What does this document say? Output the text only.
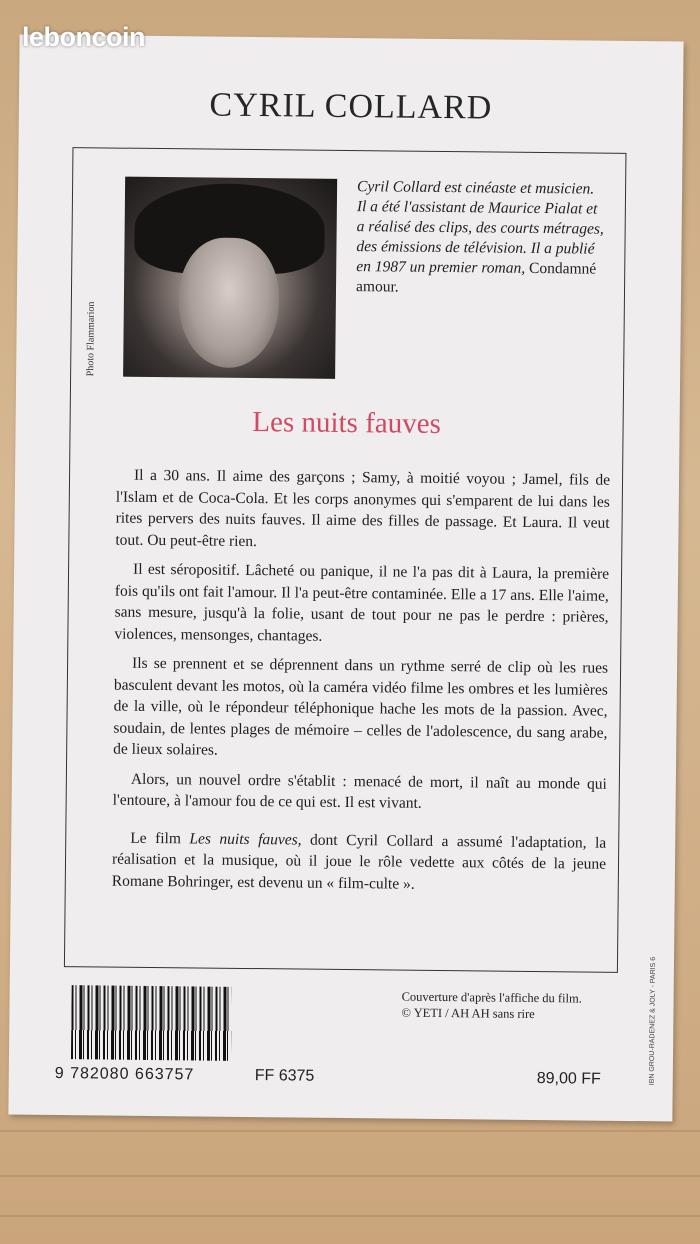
leboncoin
CYRIL COLLARD
Photo Flammarion
Cyril Collard est cinéaste et musicien. Il a été l'assistant de Maurice Pialat et a réalisé des clips, des courts métrages, des émissions de télévision. Il a publié en 1987 un premier roman, Condamné amour.
Les nuits fauves

Il a 30 ans. Il aime des garçons ; Samy, à moitié voyou ; Jamel, fils de l'Islam et de Coca-Cola. Et les corps anonymes qui s'emparent de lui dans les rites pervers des nuits fauves. Il aime des filles de passage. Et Laura. Il veut tout. Ou peut-être rien.

Il est séropositif. Lâcheté ou panique, il ne l'a pas dit à Laura, la première fois qu'ils ont fait l'amour. Il l'a peut-être contaminée. Elle a 17 ans. Elle l'aime, sans mesure, jusqu'à la folie, usant de tout pour ne pas le perdre : prières, violences, mensonges, chantages.

Ils se prennent et se déprennent dans un rythme serré de clip où les rues basculent devant les motos, où la caméra vidéo filme les ombres et les lumières de la ville, où le répondeur téléphonique hache les mots de la passion. Avec, soudain, de lentes plages de mémoire – celles de l'adolescence, du sang arabe, de lieux solaires.

Alors, un nouvel ordre s'établit : menacé de mort, il naît au monde qui l'entoure, à l'amour fou de ce qui est. Il est vivant.

Le film Les nuits fauves, dont Cyril Collard a assumé l'adaptation, la réalisation et la musique, où il joue le rôle vedette aux côtés de la jeune Romane Bohringer, est devenu un « film-culte ».

9 782080 663757	FF 6375	89,00 FF
Couverture d'après l'affiche du film.
© YETI / AH AH sans rire	IBN GROU-RADENEZ & JOLY - PARIS 6
